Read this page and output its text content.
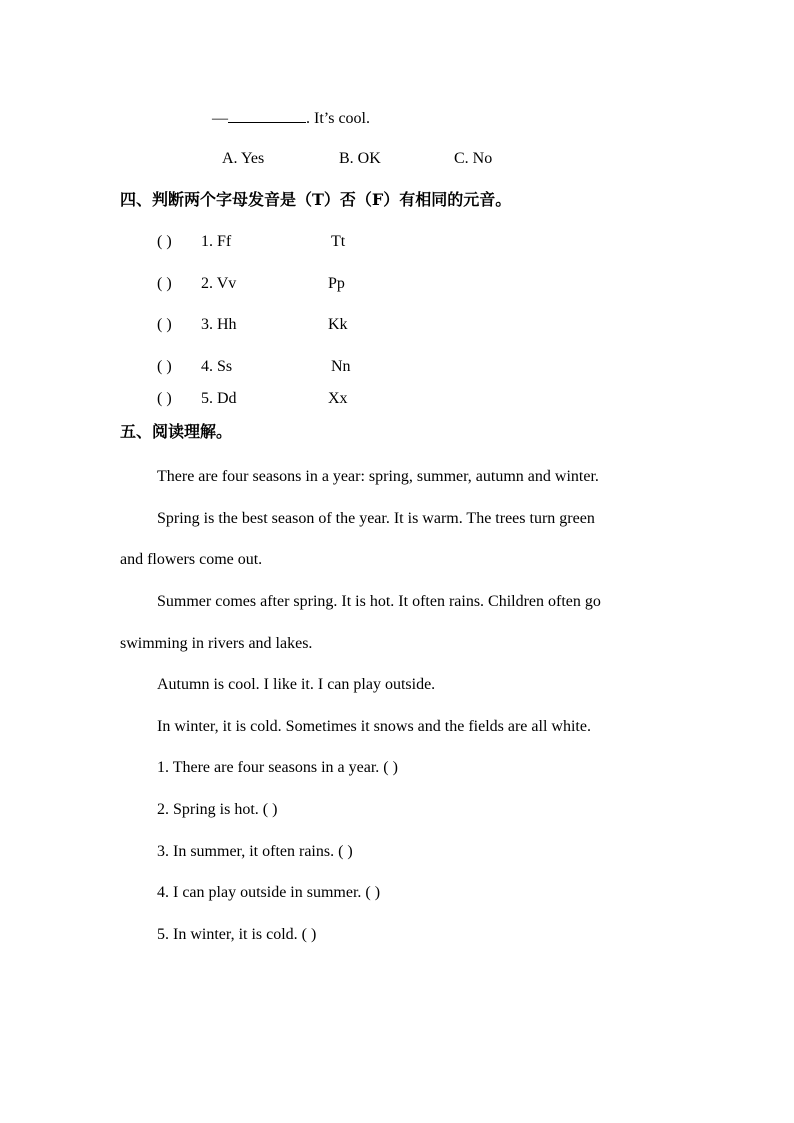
—	. It’s cool.
A. Yes	B. OK	C. No
四、判断两个字母发音是（T）否（F）有相同的元音。
( ) 1. Ff	Tt
( ) 2. Vv	Pp
( ) 3. Hh	Kk
( ) 4. Ss	Nn
( ) 5. Dd	Xx
五、阅读理解。
There are four seasons in a year: spring, summer, autumn and winter.
Spring is the best season of the year. It is warm. The trees turn green
and flowers come out.
Summer comes after spring. It is hot. It often rains. Children often go
swimming in rivers and lakes.
Autumn is cool. I like it. I can play outside.
In winter, it is cold. Sometimes it snows and the fields are all white.
1. There are four seasons in a year. ( )
2. Spring is hot. ( )
3. In summer, it often rains. ( )
4. I can play outside in summer. ( )
5. In winter, it is cold. ( )
